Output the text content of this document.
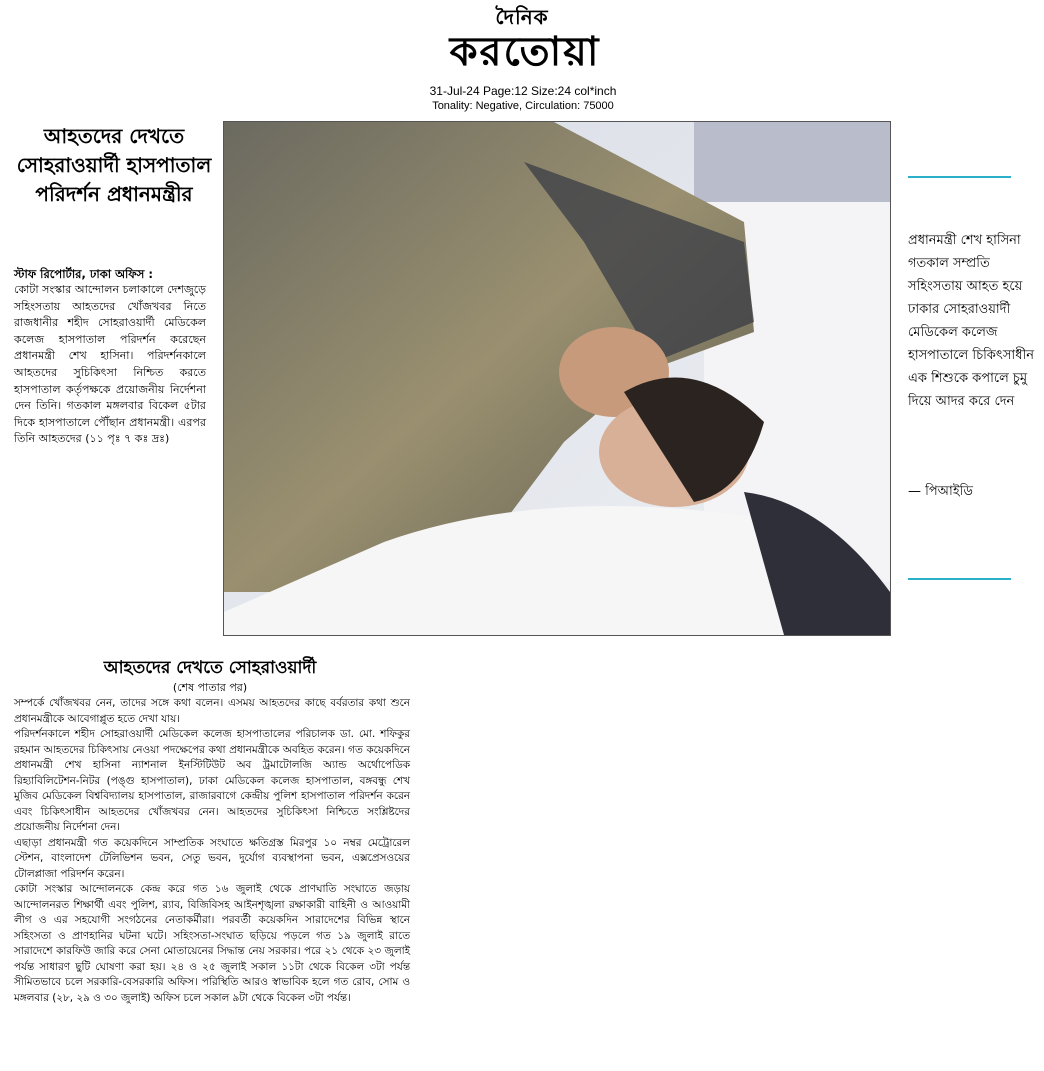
দৈনিক
করতোয়া
31-Jul-24 Page:12 Size:24 col*inch
Tonality: Negative, Circulation: 75000
আহতদের দেখতে সোহরাওয়ার্দী হাসপাতাল পরিদর্শন প্রধানমন্ত্রীর
স্টাফ রিপোর্টার, ঢাকা অফিস :
কোটা সংস্কার আন্দোলন চলাকালে দেশজুড়ে সহিংসতায় আহতদের খোঁজখবর নিতে রাজধানীর শহীদ সোহরাওয়ার্দী মেডিকেল কলেজ হাসপাতাল পরিদর্শন করেছেন প্রধানমন্ত্রী শেখ হাসিনা। পরিদর্শনকালে আহতদের সুচিকিৎসা নিশ্চিত করতে হাসপাতাল কর্তৃপক্ষকে প্রয়োজনীয় নির্দেশনা দেন তিনি। গতকাল মঙ্গলবার বিকেল ৫টার দিকে হাসপাতালে পৌঁছান প্রধানমন্ত্রী। এরপর তিনি আহতদের (১১ পৃঃ ৭ কঃ দ্রঃ)
প্রধানমন্ত্রী শেখ হাসিনা গতকাল সম্প্রতি সহিংসতায় আহত হয়ে ঢাকার সোহরাওয়ার্দী মেডিকেল কলেজ হাসপাতালে চিকিৎসাধীন এক শিশুকে কপালে চুমু দিয়ে আদর করে দেন
— পিআইডি
আহতদের দেখতে সোহরাওয়ার্দী
(শেষ পাতার পর)

সম্পর্কে খোঁজখবর নেন, তাদের সঙ্গে কথা বলেন। এসময় আহতদের কাছে বর্বরতার কথা শুনে প্রধানমন্ত্রীকে আবেগাপ্লুত হতে দেখা যায়।

পরিদর্শনকালে শহীদ সোহরাওয়ার্দী মেডিকেল কলেজ হাসপাতালের পরিচালক ডা. মো. শফিকুর রহমান আহতদের চিকিৎসায় নেওয়া পদক্ষেপের কথা প্রধানমন্ত্রীকে অবহিত করেন। গত কয়েকদিনে প্রধানমন্ত্রী শেখ হাসিনা ন্যাশনাল ইনস্টিটিউট অব ট্রমাটোলজি অ্যান্ড অর্থোপেডিক রিহ্যাবিলিটেশন-নিটর (পঙ্গু হাসপাতাল), ঢাকা মেডিকেল কলেজ হাসপাতাল, বঙ্গবন্ধু শেখ মুজিব মেডিকেল বিশ্ববিদ্যালয় হাসপাতাল, রাজারবাগে কেন্দ্রীয় পুলিশ হাসপাতাল পরিদর্শন করেন এবং চিকিৎসাধীন আহতদের খোঁজখবর নেন। আহতদের সুচিকিৎসা নিশ্চিতে সংশ্লিষ্টদের প্রয়োজনীয় নির্দেশনা দেন।

এছাড়া প্রধানমন্ত্রী গত কয়েকদিনে সাম্প্রতিক সংঘাতে ক্ষতিগ্রস্ত মিরপুর ১০ নম্বর মেট্রোরেল স্টেশন, বাংলাদেশ টেলিভিশন ভবন, সেতু ভবন, দুর্যোগ ব্যবস্থাপনা ভবন, এক্সপ্রেসওয়ের টোলপ্লাজা পরিদর্শন করেন।

কোটা সংস্কার আন্দোলনকে কেন্দ্র করে গত ১৬ জুলাই থেকে প্রাণঘাতি সংঘাতে জড়ায় আন্দোলনরত শিক্ষার্থী এবং পুলিশ, র‍্যাব, বিজিবিসহ আইনশৃঙ্খলা রক্ষাকারী বাহিনী ও আওয়ামী লীগ ও এর সহযোগী সংগঠনের নেতাকর্মীরা। পরবর্তী কয়েকদিন সারাদেশের বিভিন্ন স্থানে সহিংসতা ও প্রাণহানির ঘটনা ঘটে। সহিংসতা-সংঘাত ছড়িয়ে পড়লে গত ১৯ জুলাই রাতে সারাদেশে কারফিউ জারি করে সেনা মোতায়েনের সিদ্ধান্ত নেয় সরকার। পরে ২১ থেকে ২৩ জুলাই পর্যন্ত সাধারণ ছুটি ঘোষণা করা হয়। ২৪ ও ২৫ জুলাই সকাল ১১টা থেকে বিকেল ৩টা পর্যন্ত সীমিতভাবে চলে সরকারি-বেসরকারি অফিস। পরিস্থিতি আরও স্বাভাবিক হলে গত রোব, সোম ও মঙ্গলবার (২৮, ২৯ ও ৩০ জুলাই) অফিস চলে সকাল ৯টা থেকে বিকেল ৩টা পর্যন্ত।
